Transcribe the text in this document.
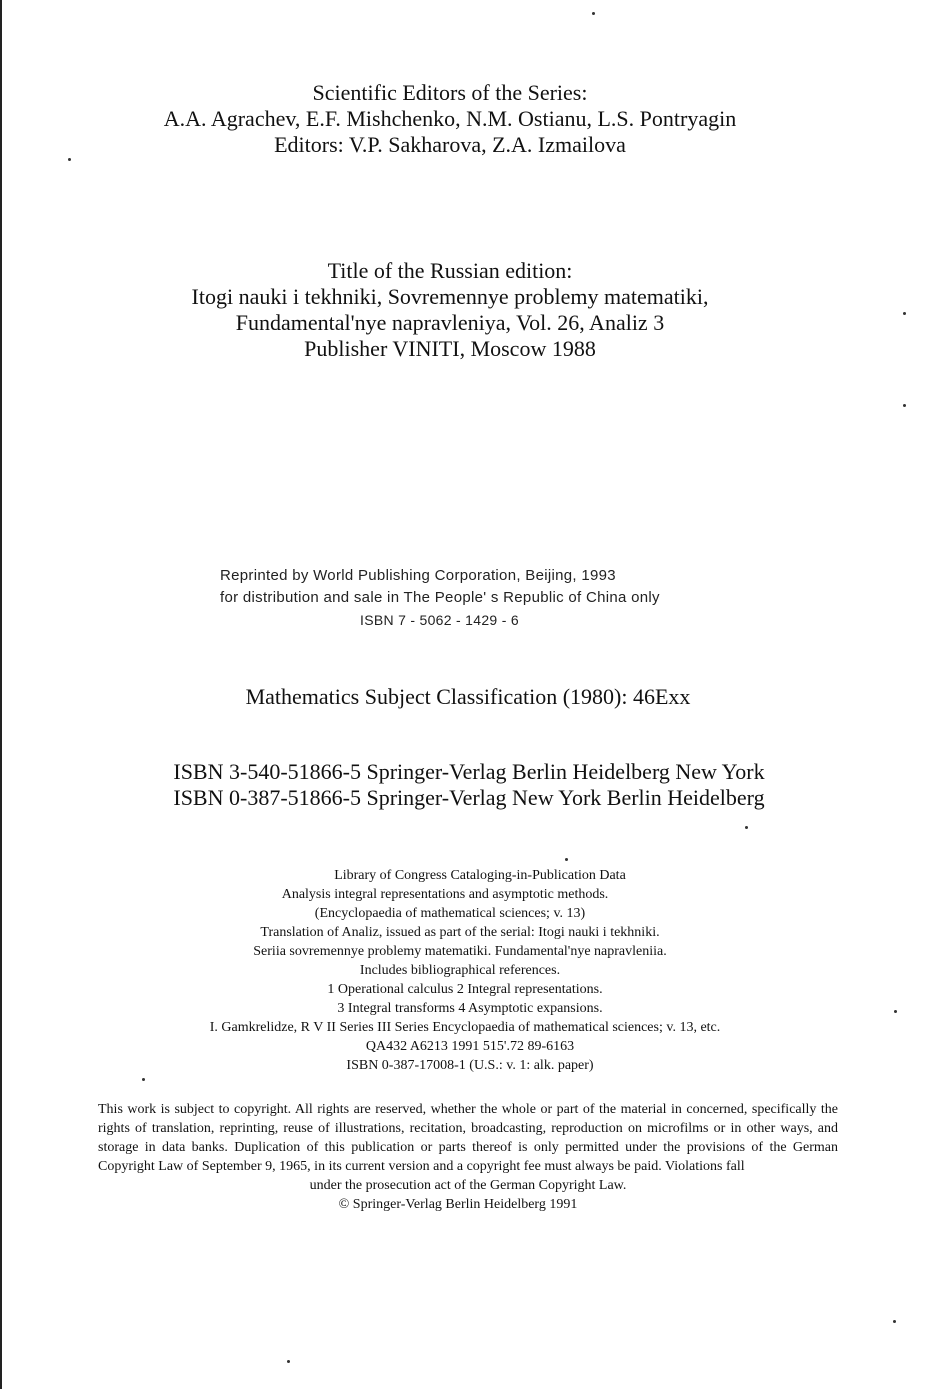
Scientific Editors of the Series:
A.A. Agrachev, E.F. Mishchenko, N.M. Ostianu, L.S. Pontryagin
Editors: V.P. Sakharova, Z.A. Izmailova
Title of the Russian edition:
Itogi nauki i tekhniki, Sovremennye problemy matematiki,
Fundamental'nye napravleniya, Vol. 26, Analiz 3
Publisher VINITI, Moscow 1988
Reprinted by World Publishing Corporation, Beijing, 1993
for distribution and sale in The People' s Republic of China only
ISBN 7 - 5062 - 1429 - 6
Mathematics Subject Classification (1980): 46Exx
ISBN 3-540-51866-5 Springer-Verlag Berlin Heidelberg New York
ISBN 0-387-51866-5 Springer-Verlag New York Berlin Heidelberg
Library of Congress Cataloging-in-Publication Data
Analysis integral representations and asymptotic methods.
(Encyclopaedia of mathematical sciences; v. 13)
Translation of Analiz, issued as part of the serial: Itogi nauki i tekhniki.
Seriia sovremennye problemy matematiki. Fundamental'nye napravleniia.
Includes bibliographical references.
1 Operational calculus 2 Integral representations.
3 Integral transforms 4 Asymptotic expansions.
I. Gamkrelidze, R V II Series III Series Encyclopaedia of mathematical sciences; v. 13, etc.
QA432 A6213 1991 515'.72 89-6163
ISBN 0-387-17008-1 (U.S.: v. 1: alk. paper)
This work is subject to copyright. All rights are reserved, whether the whole or part of the material in concerned, specifically the rights of translation, reprinting, reuse of illustrations, recitation, broadcasting, reproduction on microfilms or in other ways, and storage in data banks. Duplication of this publication or parts thereof is only permitted under the provisions of the German Copyright Law of September 9, 1965, in its current version and a copyright fee must always be paid. Violations fall
under the prosecution act of the German Copyright Law.
© Springer-Verlag Berlin Heidelberg 1991
